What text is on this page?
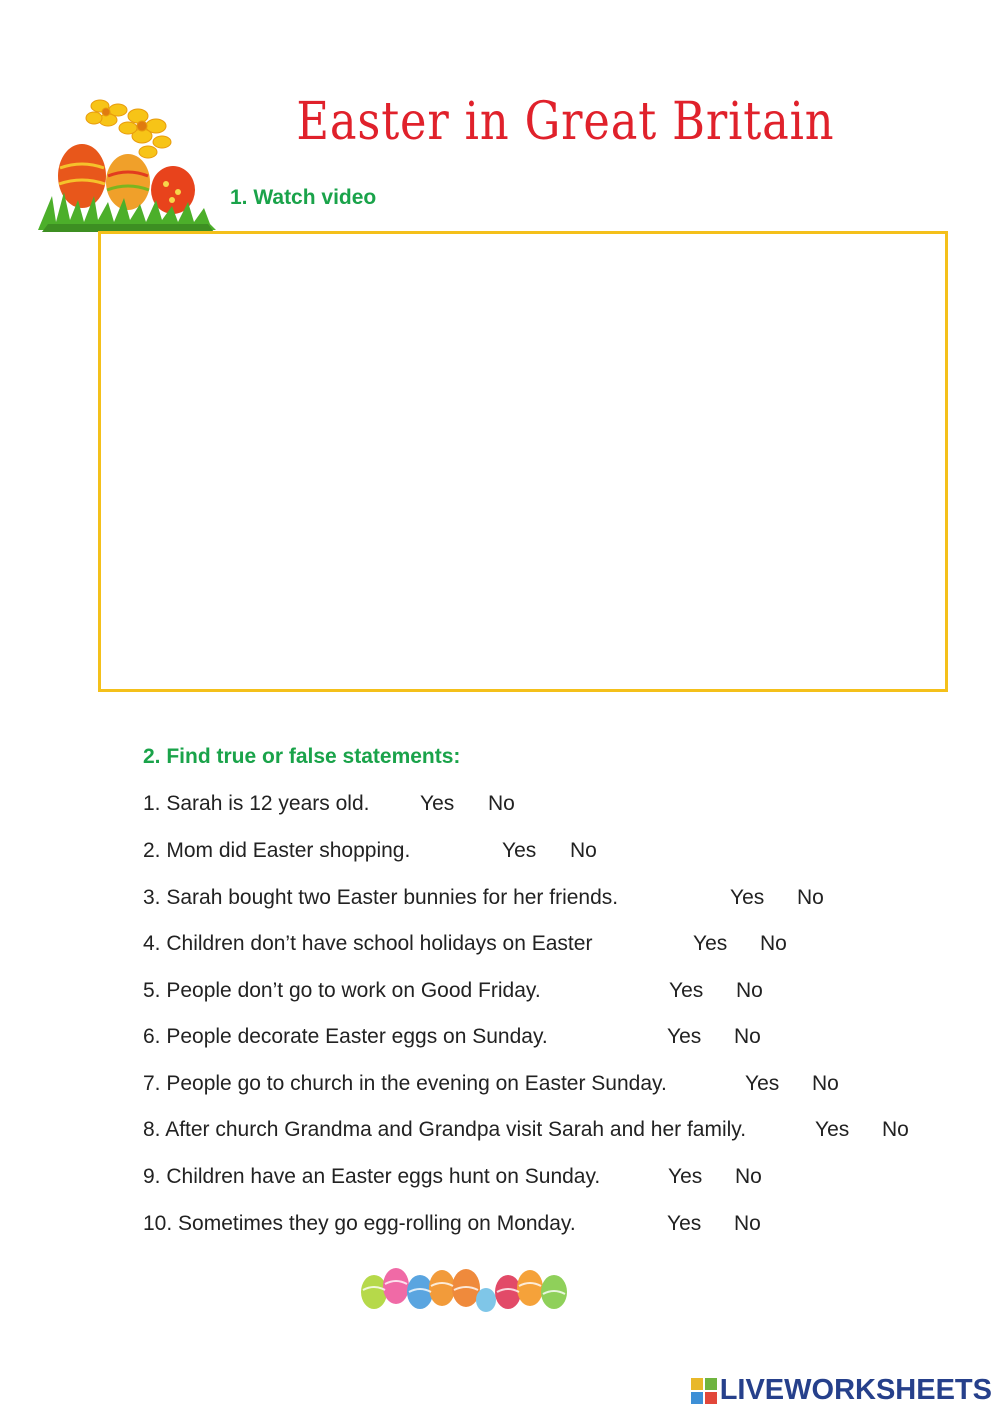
Easter in Great Britain
1. Watch video
2. Find true or false statements:
1. Sarah is 12 years old. Yes No
2. Mom did Easter shopping.	Yes No
3. Sarah bought two Easter bunnies for her friends.	Yes No
4. Children don’t have school holidays on Easter	Yes No
5. People don’t go to work on Good Friday.	Yes No
6. People decorate Easter eggs on Sunday.	Yes No
7. People go to church in the evening on Easter Sunday.	Yes No
8. After church Grandma and Grandpa visit Sarah and her family.	Yes No
9. Children have an Easter eggs hunt on Sunday.	Yes No
10. Sometimes they go egg-rolling on Monday.	Yes No
LIVEWORKSHEETS
